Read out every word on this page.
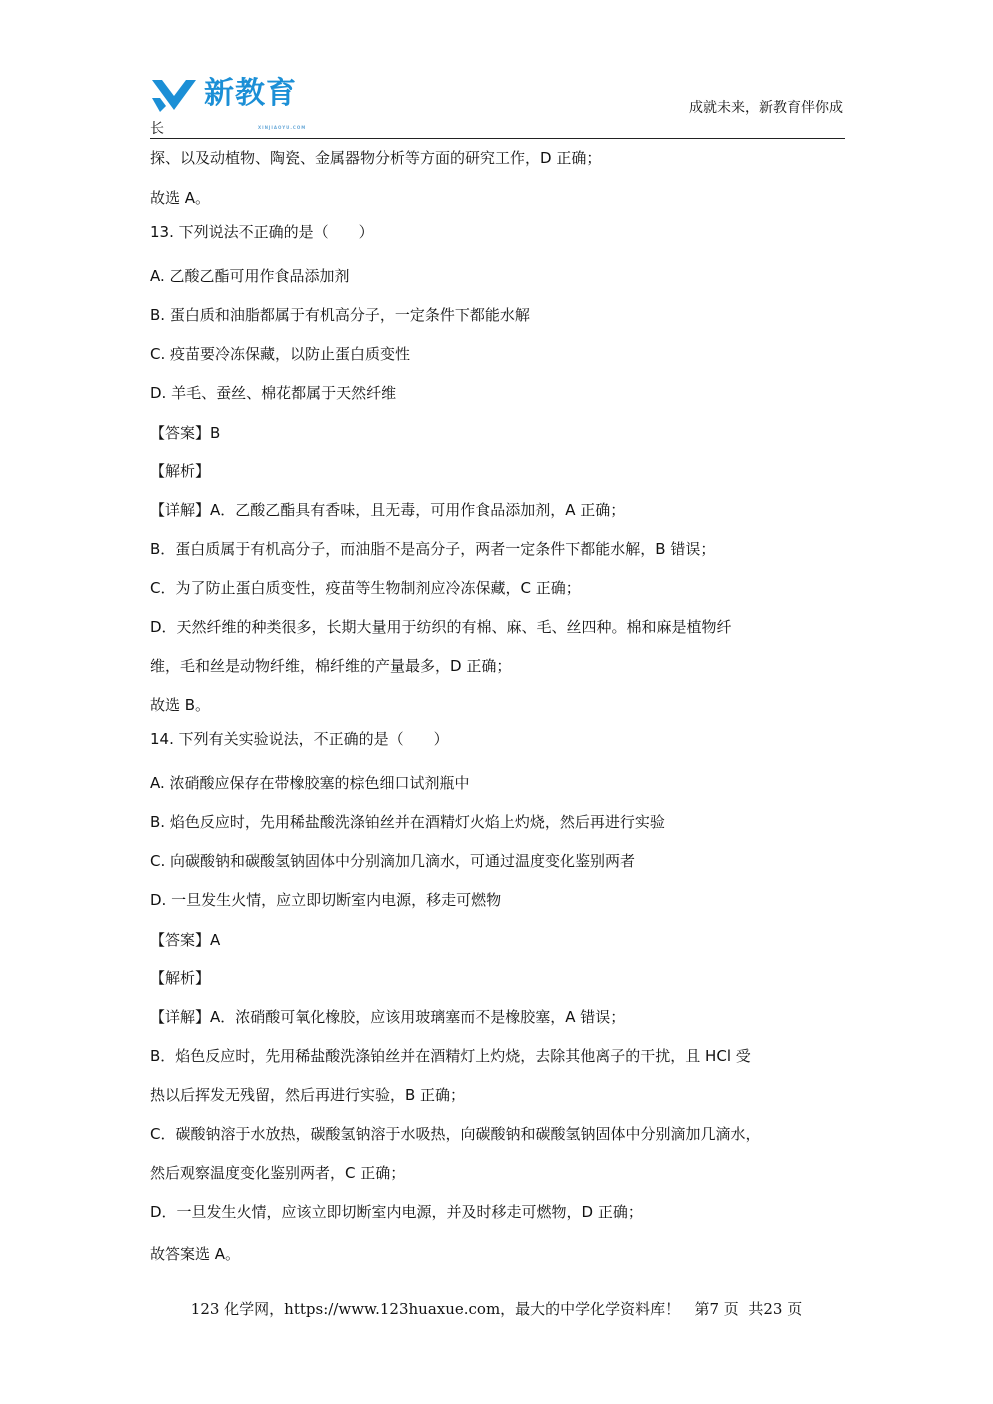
新教育
XINJIAOYU.COM
成就未来，新教育伴你成
长
探、以及动植物、陶瓷、金属器物分析等方面的研究工作，D 正确；
故选 A。
13. 下列说法不正确的是（　　）
A. 乙酸乙酯可用作食品添加剂
B. 蛋白质和油脂都属于有机高分子，一定条件下都能水解
C. 疫苗要冷冻保藏，以防止蛋白质变性
D. 羊毛、蚕丝、棉花都属于天然纤维
【答案】B
【解析】
【详解】A．乙酸乙酯具有香味，且无毒，可用作食品添加剂，A 正确；
B．蛋白质属于有机高分子，而油脂不是高分子，两者一定条件下都能水解，B 错误；
C．为了防止蛋白质变性，疫苗等生物制剂应冷冻保藏，C 正确；
D．天然纤维的种类很多，长期大量用于纺织的有棉、麻、毛、丝四种。棉和麻是植物纤
维，毛和丝是动物纤维，棉纤维的产量最多，D 正确；
故选 B。
14. 下列有关实验说法，不正确的是（　　）
A. 浓硝酸应保存在带橡胶塞的棕色细口试剂瓶中
B. 焰色反应时，先用稀盐酸洗涤铂丝并在酒精灯火焰上灼烧，然后再进行实验
C. 向碳酸钠和碳酸氢钠固体中分别滴加几滴水，可通过温度变化鉴别两者
D. 一旦发生火情，应立即切断室内电源，移走可燃物
【答案】A
【解析】
【详解】A．浓硝酸可氧化橡胶，应该用玻璃塞而不是橡胶塞，A 错误；
B．焰色反应时，先用稀盐酸洗涤铂丝并在酒精灯上灼烧，去除其他离子的干扰，且 HCl 受
热以后挥发无残留，然后再进行实验，B 正确；
C．碳酸钠溶于水放热，碳酸氢钠溶于水吸热，向碳酸钠和碳酸氢钠固体中分别滴加几滴水，
然后观察温度变化鉴别两者，C 正确；
D．一旦发生火情，应该立即切断室内电源，并及时移走可燃物，D 正确；
故答案选 A。
123 化学网，https://www.123huaxue.com，最大的中学化学资料库！ 第7 页  共23 页
